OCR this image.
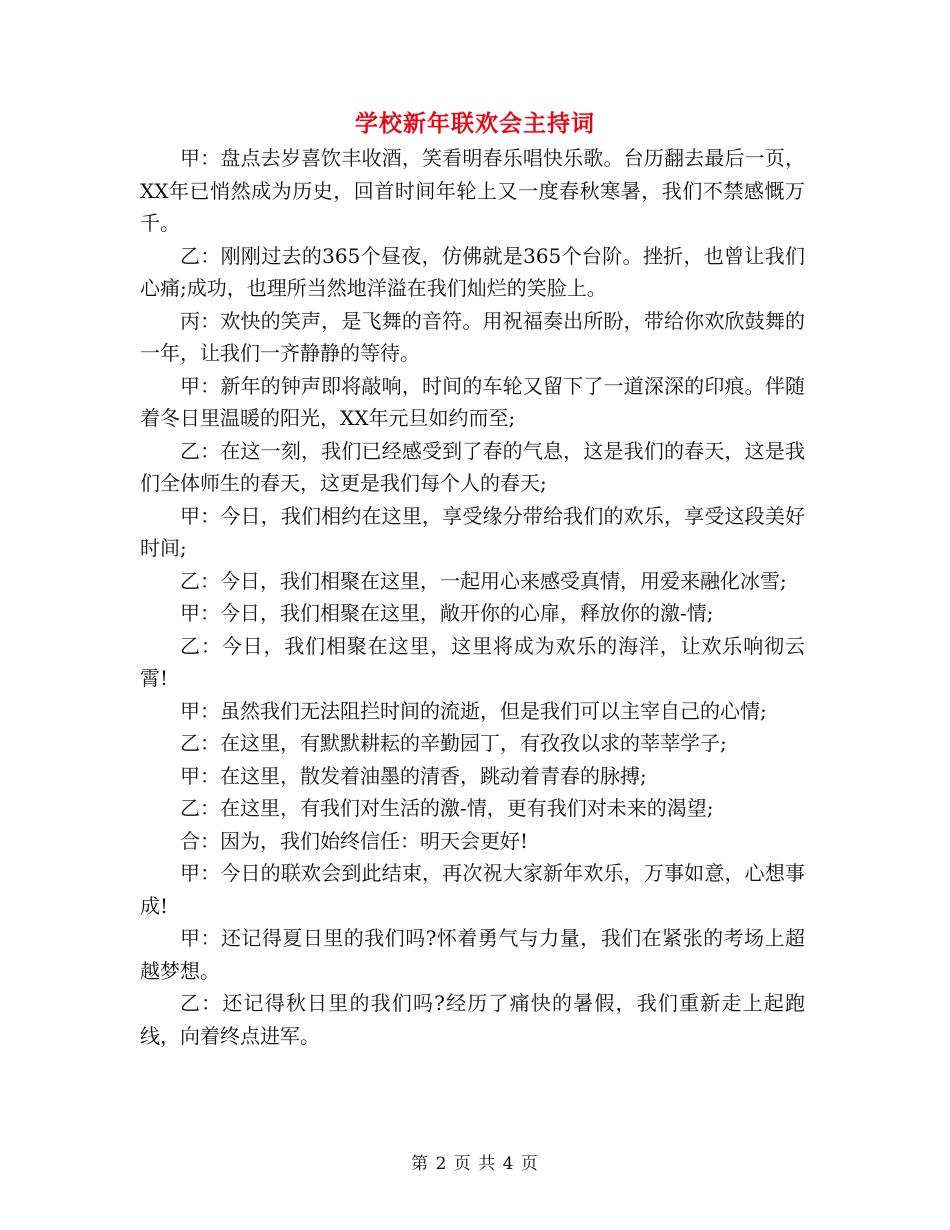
学校新年联欢会主持词

甲：盘点去岁喜饮丰收酒，笑看明春乐唱快乐歌。台历翻去最后一页，XX年已悄然成为历史，回首时间年轮上又一度春秋寒暑，我们不禁感慨万千。

乙：刚刚过去的365个昼夜，仿佛就是365个台阶。挫折，也曾让我们心痛;成功，也理所当然地洋溢在我们灿烂的笑脸上。

丙：欢快的笑声，是飞舞的音符。用祝福奏出所盼，带给你欢欣鼓舞的一年，让我们一齐静静的等待。

甲：新年的钟声即将敲响，时间的车轮又留下了一道深深的印痕。伴随着冬日里温暖的阳光，XX年元旦如约而至;

乙：在这一刻，我们已经感受到了春的气息，这是我们的春天，这是我们全体师生的春天，这更是我们每个人的春天;

甲：今日，我们相约在这里，享受缘分带给我们的欢乐，享受这段美好时间;

乙：今日，我们相聚在这里，一起用心来感受真情，用爱来融化冰雪;

甲：今日，我们相聚在这里，敞开你的心扉，释放你的激-情;

乙：今日，我们相聚在这里，这里将成为欢乐的海洋，让欢乐响彻云霄!

甲：虽然我们无法阻拦时间的流逝，但是我们可以主宰自己的心情;

乙：在这里，有默默耕耘的辛勤园丁，有孜孜以求的莘莘学子;

甲：在这里，散发着油墨的清香，跳动着青春的脉搏;

乙：在这里，有我们对生活的激-情，更有我们对未来的渴望;

合：因为，我们始终信任：明天会更好!

甲：今日的联欢会到此结束，再次祝大家新年欢乐，万事如意，心想事成!

甲：还记得夏日里的我们吗?怀着勇气与力量，我们在紧张的考场上超越梦想。

乙：还记得秋日里的我们吗?经历了痛快的暑假，我们重新走上起跑线，向着终点进军。

第 2 页 共 4 页
